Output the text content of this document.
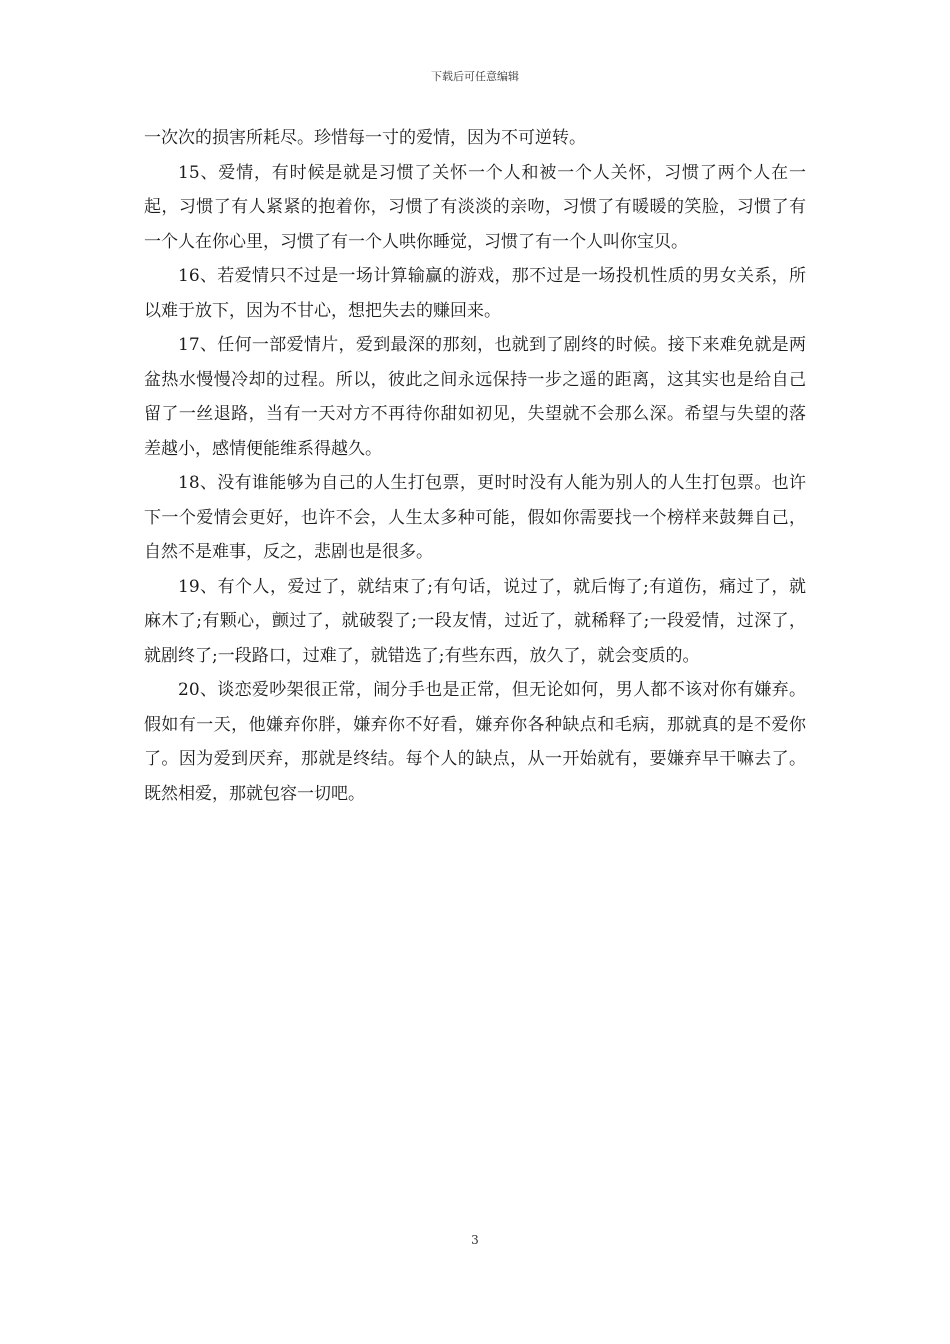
下载后可任意编辑

一次次的损害所耗尽。珍惜每一寸的爱情，因为不可逆转。

15、爱情，有时候是就是习惯了关怀一个人和被一个人关怀，习惯了两个人在一起，习惯了有人紧紧的抱着你，习惯了有淡淡的亲吻，习惯了有暖暖的笑脸，习惯了有一个人在你心里，习惯了有一个人哄你睡觉，习惯了有一个人叫你宝贝。

16、若爱情只不过是一场计算输赢的游戏，那不过是一场投机性质的男女关系，所以难于放下，因为不甘心，想把失去的赚回来。

17、任何一部爱情片，爱到最深的那刻，也就到了剧终的时候。接下来难免就是两盆热水慢慢冷却的过程。所以，彼此之间永远保持一步之遥的距离，这其实也是给自己留了一丝退路，当有一天对方不再待你甜如初见，失望就不会那么深。希望与失望的落差越小，感情便能维系得越久。

18、没有谁能够为自己的人生打包票，更时时没有人能为别人的人生打包票。也许下一个爱情会更好，也许不会，人生太多种可能，假如你需要找一个榜样来鼓舞自己，自然不是难事，反之，悲剧也是很多。

19、有个人，爱过了，就结束了;有句话，说过了，就后悔了;有道伤，痛过了，就麻木了;有颗心，颤过了，就破裂了;一段友情，过近了，就稀释了;一段爱情，过深了，就剧终了;一段路口，过难了，就错选了;有些东西，放久了，就会变质的。

20、谈恋爱吵架很正常，闹分手也是正常，但无论如何，男人都不该对你有嫌弃。假如有一天，他嫌弃你胖，嫌弃你不好看，嫌弃你各种缺点和毛病，那就真的是不爱你了。因为爱到厌弃，那就是终结。每个人的缺点，从一开始就有，要嫌弃早干嘛去了。既然相爱，那就包容一切吧。

3
